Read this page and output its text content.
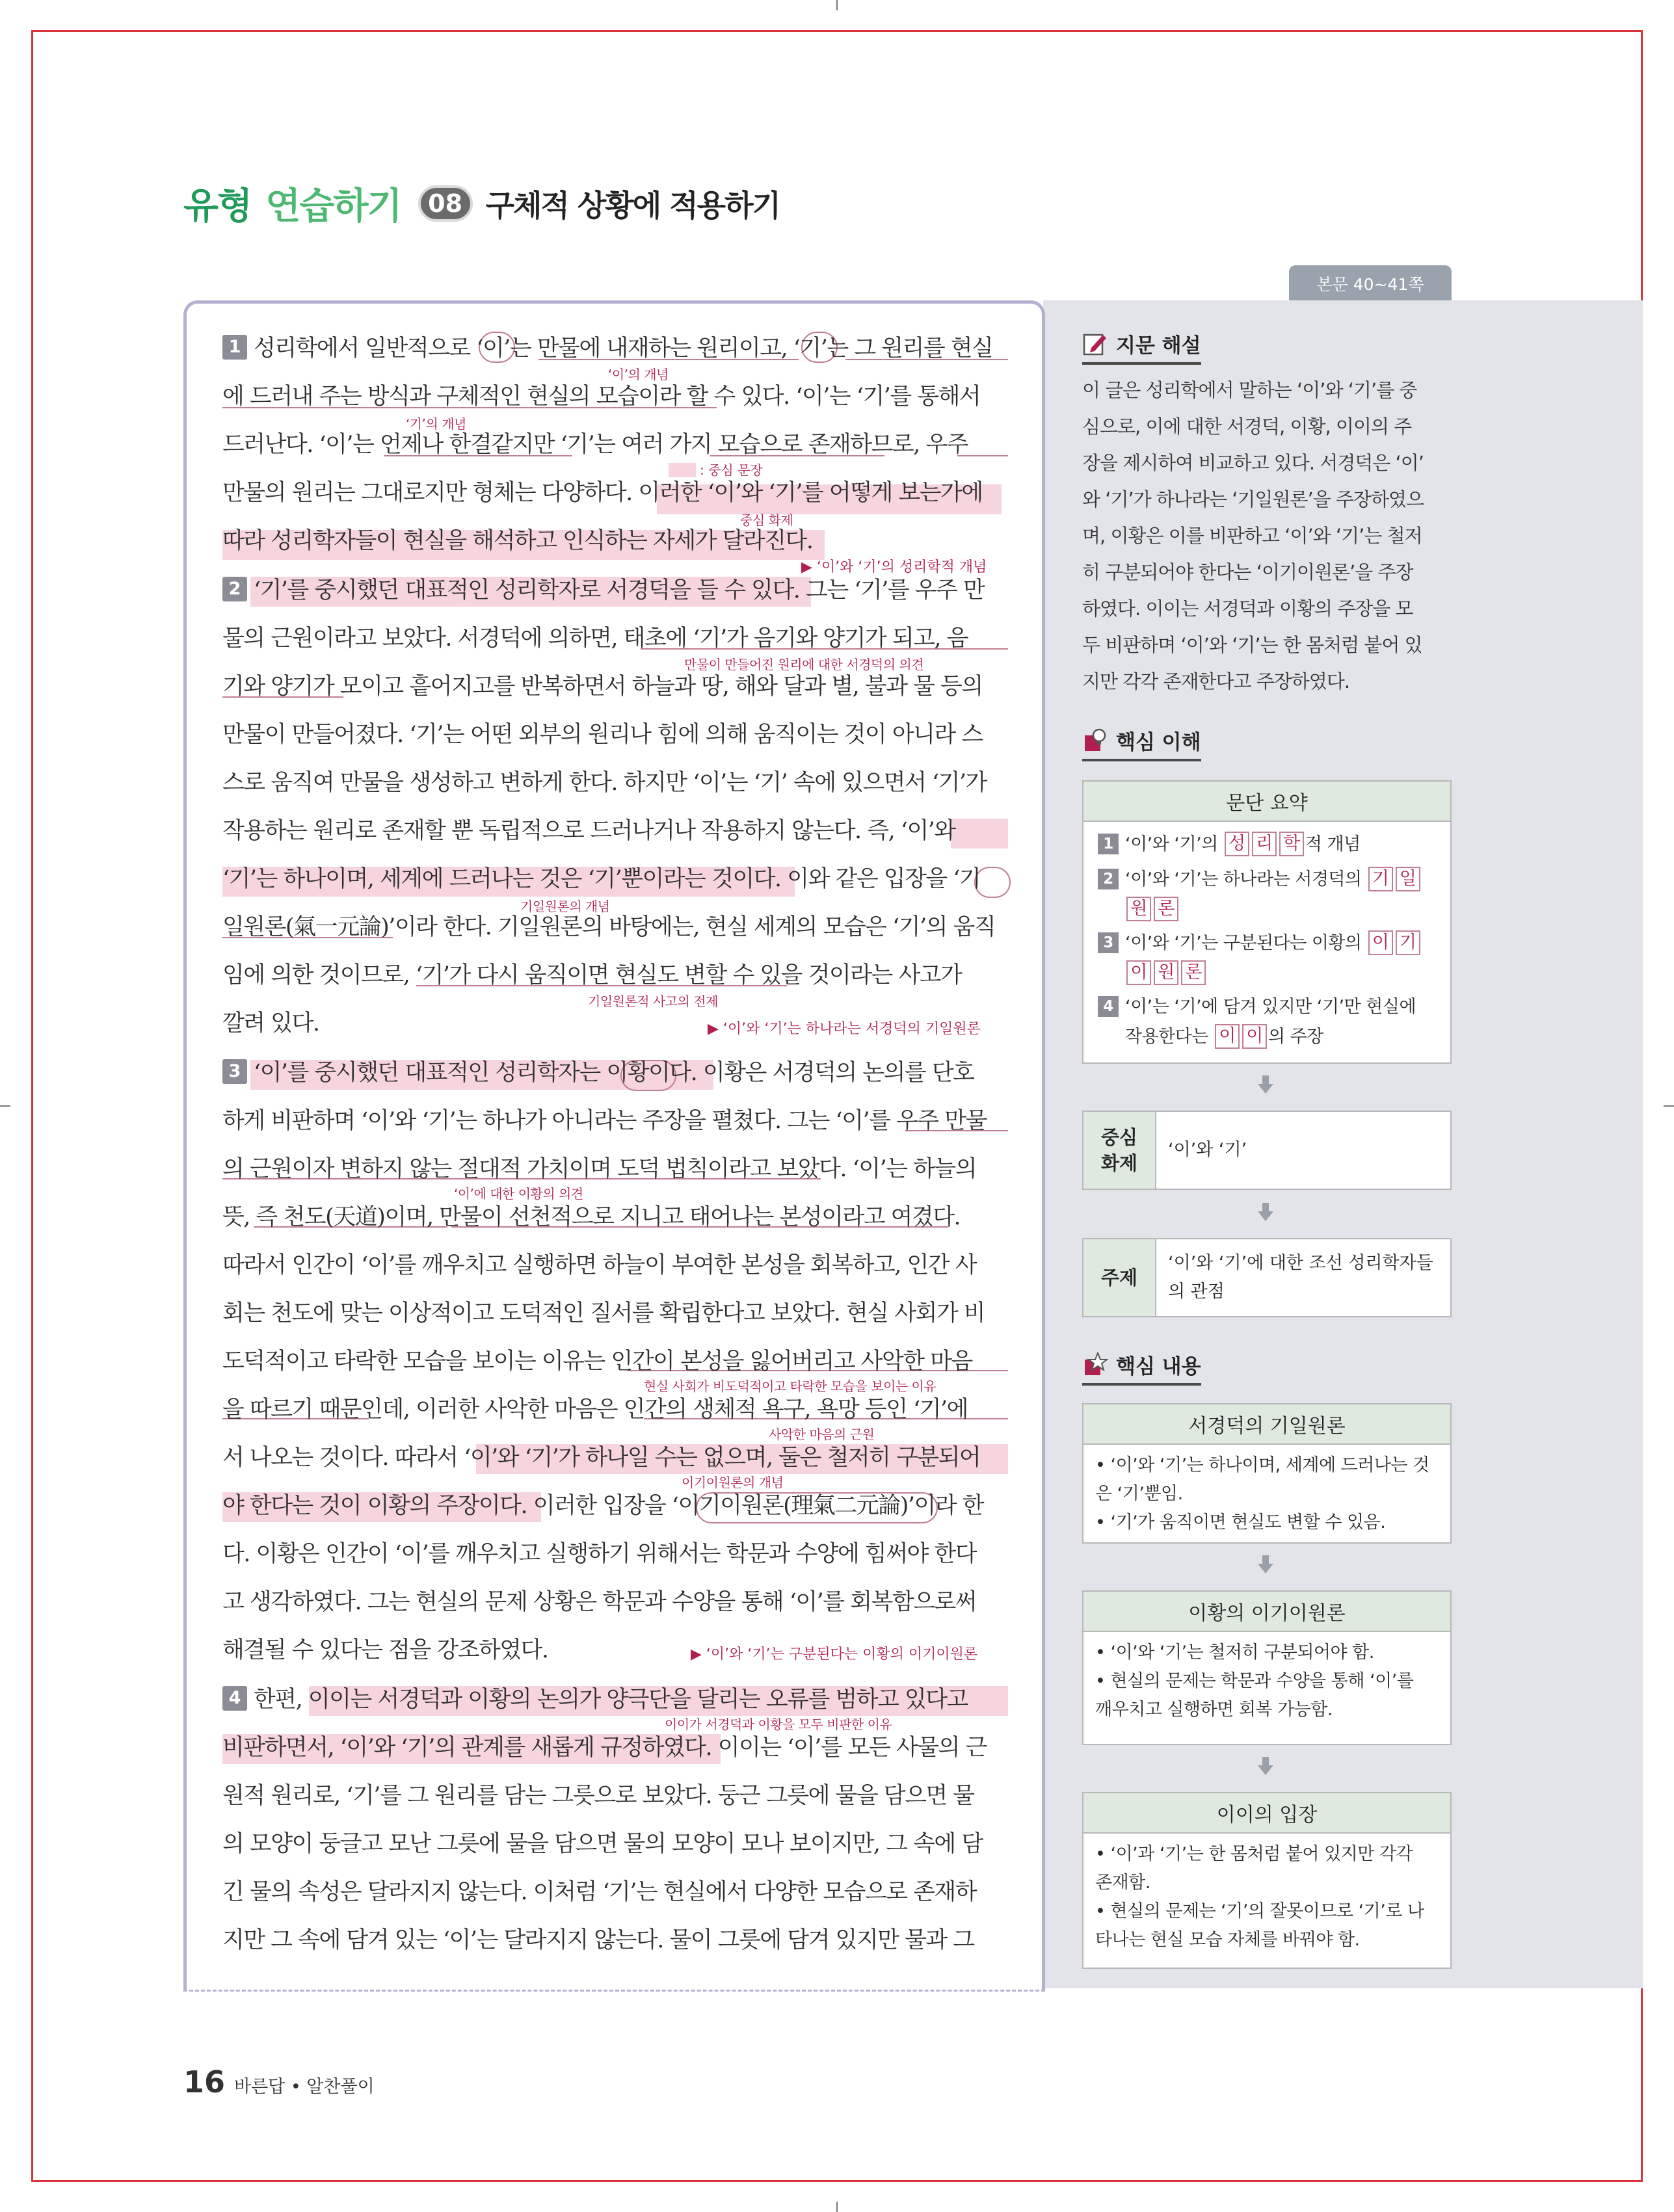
유형 연습하기	08 구체적 상황에 적용하기
본문 40~41쪽
: 중심 문장
‘이’의 개념
‘기’의 개념
중심 화제
만물이 만들어진 원리에 대한 서경덕의 의견
기일원론의 개념
기일원론적 사고의 전제
‘이’에 대한 이황의 의견
현실 사회가 비도덕적이고 타락한 모습을 보이는 이유
사악한 마음의 근원
이기이원론의 개념
이이가 서경덕과 이황을 모두 비판한 이유
▶ ‘이’와 ‘기’의 성리학적 개념
▶ ‘이’와 ‘기’는 하나라는 서경덕의 기일원론
▶ ‘이’와 ‘기’는 구분된다는 이황의 이기이원론
1 성리학에서 일반적으로 ‘이’는 만물에 내재하는 원리이고, ‘기’는 그 원리를 현실
에 드러내 주는 방식과 구체적인 현실의 모습이라 할 수 있다. ‘이’는 ‘기’를 통해서
드러난다. ‘이’는 언제나 한결같지만 ‘기’는 여러 가지 모습으로 존재하므로, 우주
만물의 원리는 그대로지만 형체는 다양하다. 이러한 ‘이’와 ‘기’를 어떻게 보는가에
따라 성리학자들이 현실을 해석하고 인식하는 자세가 달라진다.
2 ‘기’를 중시했던 대표적인 성리학자로 서경덕을 들 수 있다. 그는 ‘기’를 우주 만
물의 근원이라고 보았다. 서경덕에 의하면, 태초에 ‘기’가 음기와 양기가 되고, 음
기와 양기가 모이고 흩어지고를 반복하면서 하늘과 땅, 해와 달과 별, 불과 물 등의
만물이 만들어졌다. ‘기’는 어떤 외부의 원리나 힘에 의해 움직이는 것이 아니라 스
스로 움직여 만물을 생성하고 변하게 한다. 하지만 ‘이’는 ‘기’ 속에 있으면서 ‘기’가
작용하는 원리로 존재할 뿐 독립적으로 드러나거나 작용하지 않는다. 즉, ‘이’와
‘기’는 하나이며, 세계에 드러나는 것은 ‘기’뿐이라는 것이다. 이와 같은 입장을 ‘기
일원론(氣一元論)’이라 한다. 기일원론의 바탕에는, 현실 세계의 모습은 ‘기’의 움직
임에 의한 것이므로, ‘기’가 다시 움직이면 현실도 변할 수 있을 것이라는 사고가
깔려 있다.
3 ‘이’를 중시했던 대표적인 성리학자는 이황이다. 이황은 서경덕의 논의를 단호
하게 비판하며 ‘이’와 ‘기’는 하나가 아니라는 주장을 펼쳤다. 그는 ‘이’를 우주 만물
의 근원이자 변하지 않는 절대적 가치이며 도덕 법칙이라고 보았다. ‘이’는 하늘의
뜻, 즉 천도(天道)이며, 만물이 선천적으로 지니고 태어나는 본성이라고 여겼다.
따라서 인간이 ‘이’를 깨우치고 실행하면 하늘이 부여한 본성을 회복하고, 인간 사
회는 천도에 맞는 이상적이고 도덕적인 질서를 확립한다고 보았다. 현실 사회가 비
도덕적이고 타락한 모습을 보이는 이유는 인간이 본성을 잃어버리고 사악한 마음
을 따르기 때문인데, 이러한 사악한 마음은 인간의 생체적 욕구, 욕망 등인 ‘기’에
서 나오는 것이다. 따라서 ‘이’와 ‘기’가 하나일 수는 없으며, 둘은 철저히 구분되어
야 한다는 것이 이황의 주장이다. 이러한 입장을 ‘이기이원론(理氣二元論)’이라 한
다. 이황은 인간이 ‘이’를 깨우치고 실행하기 위해서는 학문과 수양에 힘써야 한다
고 생각하였다. 그는 현실의 문제 상황은 학문과 수양을 통해 ‘이’를 회복함으로써
해결될 수 있다는 점을 강조하였다.
4 한편, 이이는 서경덕과 이황의 논의가 양극단을 달리는 오류를 범하고 있다고
비판하면서, ‘이’와 ‘기’의 관계를 새롭게 규정하였다. 이이는 ‘이’를 모든 사물의 근
원적 원리로, ‘기’를 그 원리를 담는 그릇으로 보았다. 둥근 그릇에 물을 담으면 물
의 모양이 둥글고 모난 그릇에 물을 담으면 물의 모양이 모나 보이지만, 그 속에 담
긴 물의 속성은 달라지지 않는다. 이처럼 ‘기’는 현실에서 다양한 모습으로 존재하
지만 그 속에 담겨 있는 ‘이’는 달라지지 않는다. 물이 그릇에 담겨 있지만 물과 그
지문 해설

이 글은 성리학에서 말하는 ‘이’와 ‘기’를 중

심으로, 이에 대한 서경덕, 이황, 이이의 주

장을 제시하여 비교하고 있다. 서경덕은 ‘이’

와 ‘기’가 하나라는 ‘기일원론’을 주장하였으

며, 이황은 이를 비판하고 ‘이’와 ‘기’는 철저

히 구분되어야 한다는 ‘이기이원론’을 주장

하였다. 이이는 서경덕과 이황의 주장을 모

두 비판하며 ‘이’와 ‘기’는 한 몸처럼 붙어 있

지만 각각 존재한다고 주장하였다.

핵심 이해
문단 요약
1 ‘이’와 ‘기’의 성 리 학 적 개념
2 ‘이’와 ‘기’는 하나라는 서경덕의 기 일
원 론
3 ‘이’와 ‘기’는 구분된다는 이황의 이 기
이 원 론
4 ‘이’는 ‘기’에 담겨 있지만 ‘기’만 현실에
작용한다는 이 이 의 주장
중심
화제
‘이’와 ‘기’
주제
‘이’와 ‘기’에 대한 조선 성리학자들
의 관점
핵심 내용
서경덕의 기일원론
• ‘이’와 ‘기’는 하나이며, 세계에 드러나는 것
은 ‘기’뿐임.
• ‘기’가 움직이면 현실도 변할 수 있음.
이황의 이기이원론
• ‘이’와 ‘기’는 철저히 구분되어야 함.
• 현실의 문제는 학문과 수양을 통해 ‘이’를
깨우치고 실행하면 회복 가능함.
이이의 입장
• ‘이’과 ‘기’는 한 몸처럼 붙어 있지만 각각
존재함.
• 현실의 문제는 ‘기’의 잘못이므로 ‘기’로 나
타나는 현실 모습 자체를 바꿔야 함.
16 바른답 • 알찬풀이
